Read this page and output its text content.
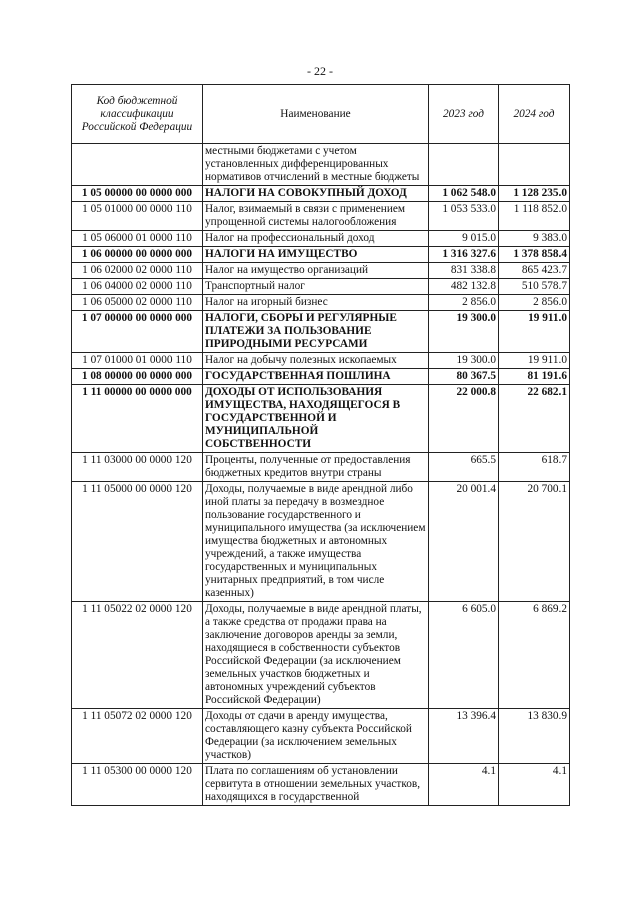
- 22 -
Код бюджетной классификации Российской Федерации	Наименование	2023 год	2024 год
	местными бюджетами с учетом установленных дифференцированных нормативов отчислений в местные бюджеты		
1 05 00000 00 0000 000	НАЛОГИ НА СОВОКУПНЫЙ ДОХОД	1 062 548.0	1 128 235.0
1 05 01000 00 0000 110	Налог, взимаемый в связи с применением упрощенной системы налогообложения	1 053 533.0	1 118 852.0
1 05 06000 01 0000 110	Налог на профессиональный доход	9 015.0	9 383.0
1 06 00000 00 0000 000	НАЛОГИ НА ИМУЩЕСТВО	1 316 327.6	1 378 858.4
1 06 02000 02 0000 110	Налог на имущество организаций	831 338.8	865 423.7
1 06 04000 02 0000 110	Транспортный налог	482 132.8	510 578.7
1 06 05000 02 0000 110	Налог на игорный бизнес	2 856.0	2 856.0
1 07 00000 00 0000 000	НАЛОГИ, СБОРЫ И РЕГУЛЯРНЫЕ ПЛАТЕЖИ ЗА ПОЛЬЗОВАНИЕ ПРИРОДНЫМИ РЕСУРСАМИ	19 300.0	19 911.0
1 07 01000 01 0000 110	Налог на добычу полезных ископаемых	19 300.0	19 911.0
1 08 00000 00 0000 000	ГОСУДАРСТВЕННАЯ ПОШЛИНА	80 367.5	81 191.6
1 11 00000 00 0000 000	ДОХОДЫ ОТ ИСПОЛЬЗОВАНИЯ ИМУЩЕСТВА, НАХОДЯЩЕГОСЯ В ГОСУДАРСТВЕННОЙ И МУНИЦИПАЛЬНОЙ СОБСТВЕННОСТИ	22 000.8	22 682.1
1 11 03000 00 0000 120	Проценты, полученные от предоставления бюджетных кредитов внутри страны	665.5	618.7
1 11 05000 00 0000 120	Доходы, получаемые в виде арендной либо иной платы за передачу в возмездное пользование государственного и муниципального имущества (за исключением имущества бюджетных и автономных учреждений, а также имущества государственных и муниципальных унитарных предприятий, в том числе казенных)	20 001.4	20 700.1
1 11 05022 02 0000 120	Доходы, получаемые в виде арендной платы, а также средства от продажи права на заключение договоров аренды за земли, находящиеся в собственности субъектов Российской Федерации (за исключением земельных участков бюджетных и автономных учреждений субъектов Российской Федерации)	6 605.0	6 869.2
1 11 05072 02 0000 120	Доходы от сдачи в аренду имущества, составляющего казну субъекта Российской Федерации (за исключением земельных участков)	13 396.4	13 830.9
1 11 05300 00 0000 120	Плата по соглашениям об установлении сервитута в отношении земельных участков, находящихся в государственной	4.1	4.1
